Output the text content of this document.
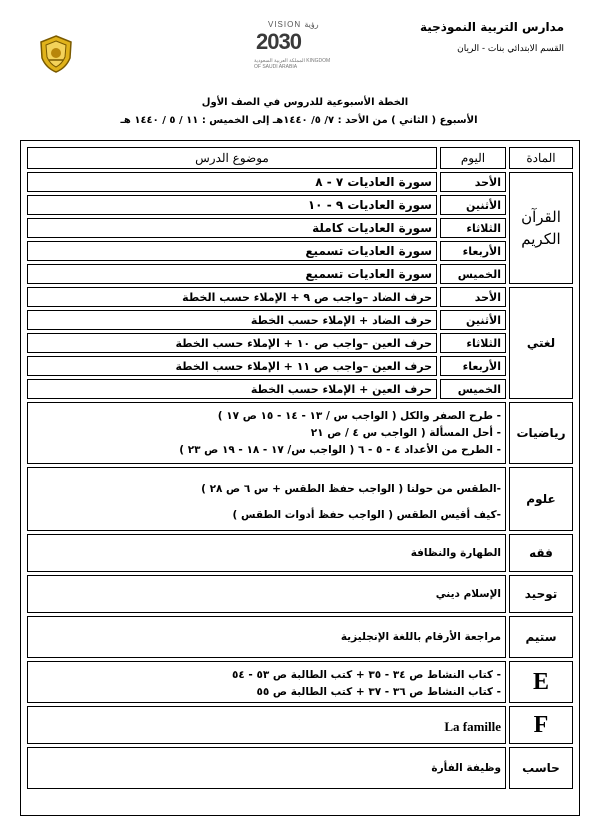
مدارس التربية النموذجية
القسم الابتدائي بنات - الريان
VISION رؤية
2030
المملكة العربية السعودية KINGDOM OF SAUDI ARABIA
الخطة الأسبوعية للدروس في الصف الأول
الأسبوع ( الثاني ) من الأحد : ٧/ ٥/ ١٤٤٠هـ إلى الخميس : ١١ / ٥ / ١٤٤٠ هـ
المادة	اليوم	موضوع الدرس
القرآن الكريم	الأحد	سورة العاديات ٧ - ٨
	الأثنين	سورة العاديات ٩ - ١٠
	الثلاثاء	سورة العاديات كاملة
	الأربعاء	سورة العاديات تسميع
	الخميس	سورة العاديات تسميع
لغتي	الأحد	حرف الضاد –واجب ص ٩ + الإملاء حسب الخطة
	الأثنين	حرف الضاد + الإملاء حسب الخطة
	الثلاثاء	حرف العين –واجب ص ١٠ + الإملاء حسب الخطة
	الأربعاء	حرف العين –واجب ص ١١ + الإملاء حسب الخطة
	الخميس	حرف العين + الإملاء حسب الخطة
رياضيات	- طرح الصفر والكل ( الواجب س / ١٣ - ١٤ - ١٥ ص ١٧ )
- أحل المسألة ( الواجب س ٤ / ص ٢١
- الطرح من الأعداد ٤ - ٥ - ٦ ( الواجب س/ ١٧ - ١٨ - ١٩ ص ٢٣ )	

علوم	-الطقس من حولنا ( الواجب حفظ الطقس + س ٦ ص ٢٨ )
-كيف أقيس الطقس ( الواجب حفظ أدوات الطقس )	

فقه	الطهارة والنظافة	
توحيد	الإسلام ديني	
ستيم	مراجعة الأرقام باللغة الإنجليزية	
E	- كتاب النشاط ص ٣٤ - ٣٥ + كتب الطالبة ص ٥٣ - ٥٤
- كتاب النشاط ص ٣٦ - ٣٧ + كتب الطالبة ص ٥٥	

F	La famille	
حاسب	وظيفة الفأرة	
